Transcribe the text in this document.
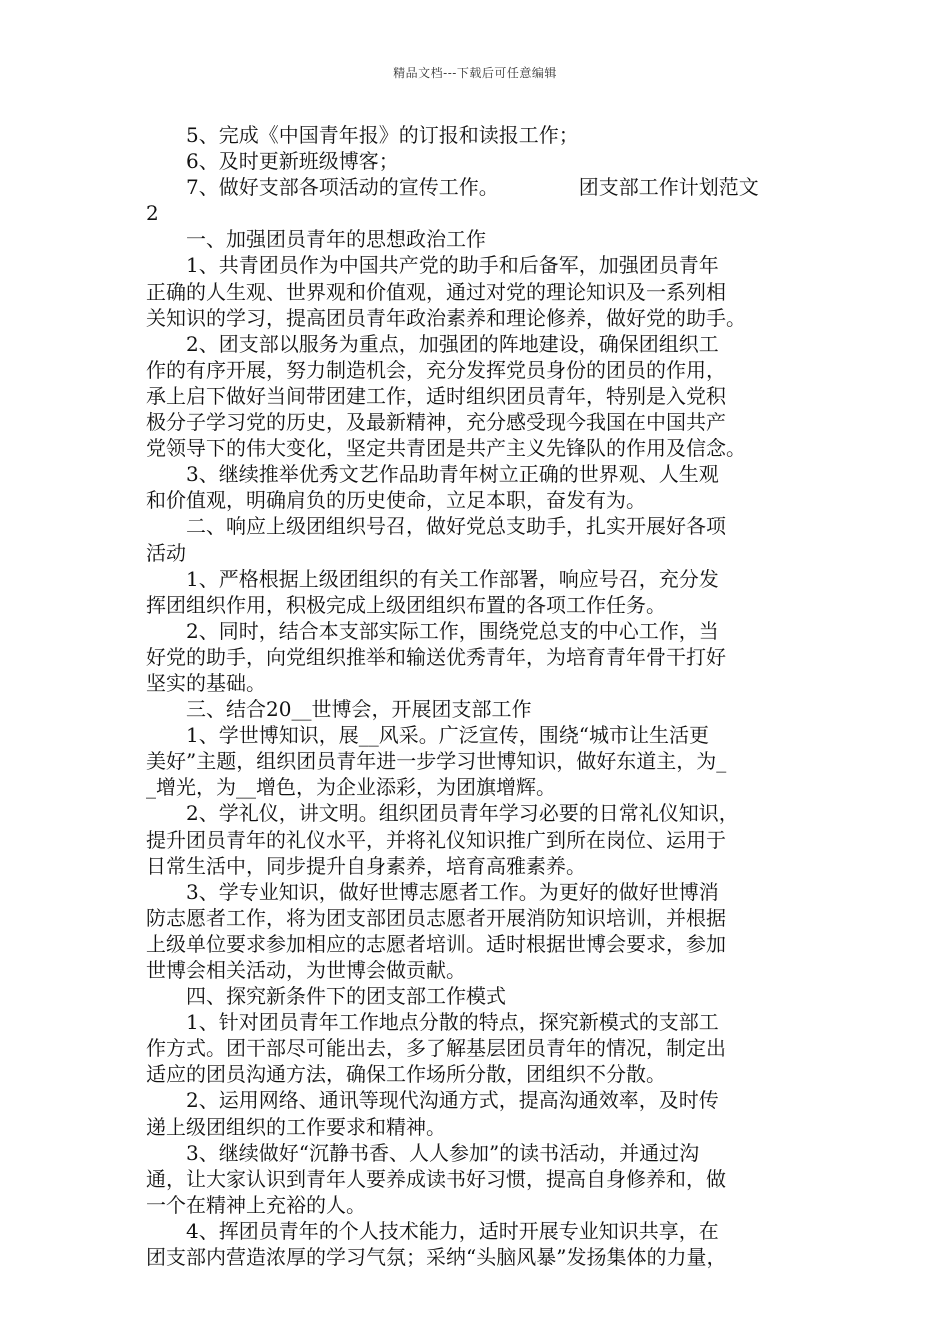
精品文档---下载后可任意编辑
　　5、完成《中国青年报》的订报和读报工作；
　　6、及时更新班级博客；
　　7、做好支部各项活动的宣传工作。	团支部工作计划范文
2
　　一、加强团员青年的思想政治工作
　　1、共青团员作为中国共产党的助手和后备军，加强团员青年
正确的人生观、世界观和价值观，通过对党的理论知识及一系列相
关知识的学习，提高团员青年政治素养和理论修养，做好党的助手。
　　2、团支部以服务为重点，加强团的阵地建设，确保团组织工
作的有序开展，努力制造机会，充分发挥党员身份的团员的作用，
承上启下做好当间带团建工作，适时组织团员青年，特别是入党积
极分子学习党的历史，及最新精神，充分感受现今我国在中国共产
党领导下的伟大变化，坚定共青团是共产主义先锋队的作用及信念。
　　3、继续推举优秀文艺作品助青年树立正确的世界观、人生观
和价值观，明确肩负的历史使命，立足本职，奋发有为。
　　二、响应上级团组织号召，做好党总支助手，扎实开展好各项
活动
　　1、严格根据上级团组织的有关工作部署，响应号召，充分发
挥团组织作用，积极完成上级团组织布置的各项工作任务。
　　2、同时，结合本支部实际工作，围绕党总支的中心工作，当
好党的助手，向党组织推举和输送优秀青年，为培育青年骨干打好
坚实的基础。
　　三、结合20__世博会，开展团支部工作
　　1、学世博知识，展__风采。广泛宣传，围绕“城市让生活更
美好”主题，组织团员青年进一步学习世博知识，做好东道主，为_
_增光，为__增色，为企业添彩，为团旗增辉。
　　2、学礼仪，讲文明。组织团员青年学习必要的日常礼仪知识，
提升团员青年的礼仪水平，并将礼仪知识推广到所在岗位、运用于
日常生活中，同步提升自身素养，培育高雅素养。
　　3、学专业知识，做好世博志愿者工作。为更好的做好世博消
防志愿者工作，将为团支部团员志愿者开展消防知识培训，并根据
上级单位要求参加相应的志愿者培训。适时根据世博会要求，参加
世博会相关活动，为世博会做贡献。
　　四、探究新条件下的团支部工作模式
　　1、针对团员青年工作地点分散的特点，探究新模式的支部工
作方式。团干部尽可能出去，多了解基层团员青年的情况，制定出
适应的团员沟通方法，确保工作场所分散，团组织不分散。
　　2、运用网络、通讯等现代沟通方式，提高沟通效率，及时传
递上级团组织的工作要求和精神。
　　3、继续做好“沉静书香、人人参加”的读书活动，并通过沟
通，让大家认识到青年人要养成读书好习惯，提高自身修养和，做
一个在精神上充裕的人。
　　4、挥团员青年的个人技术能力，适时开展专业知识共享，在
团支部内营造浓厚的学习气氛；采纳“头脑风暴”发扬集体的力量，
